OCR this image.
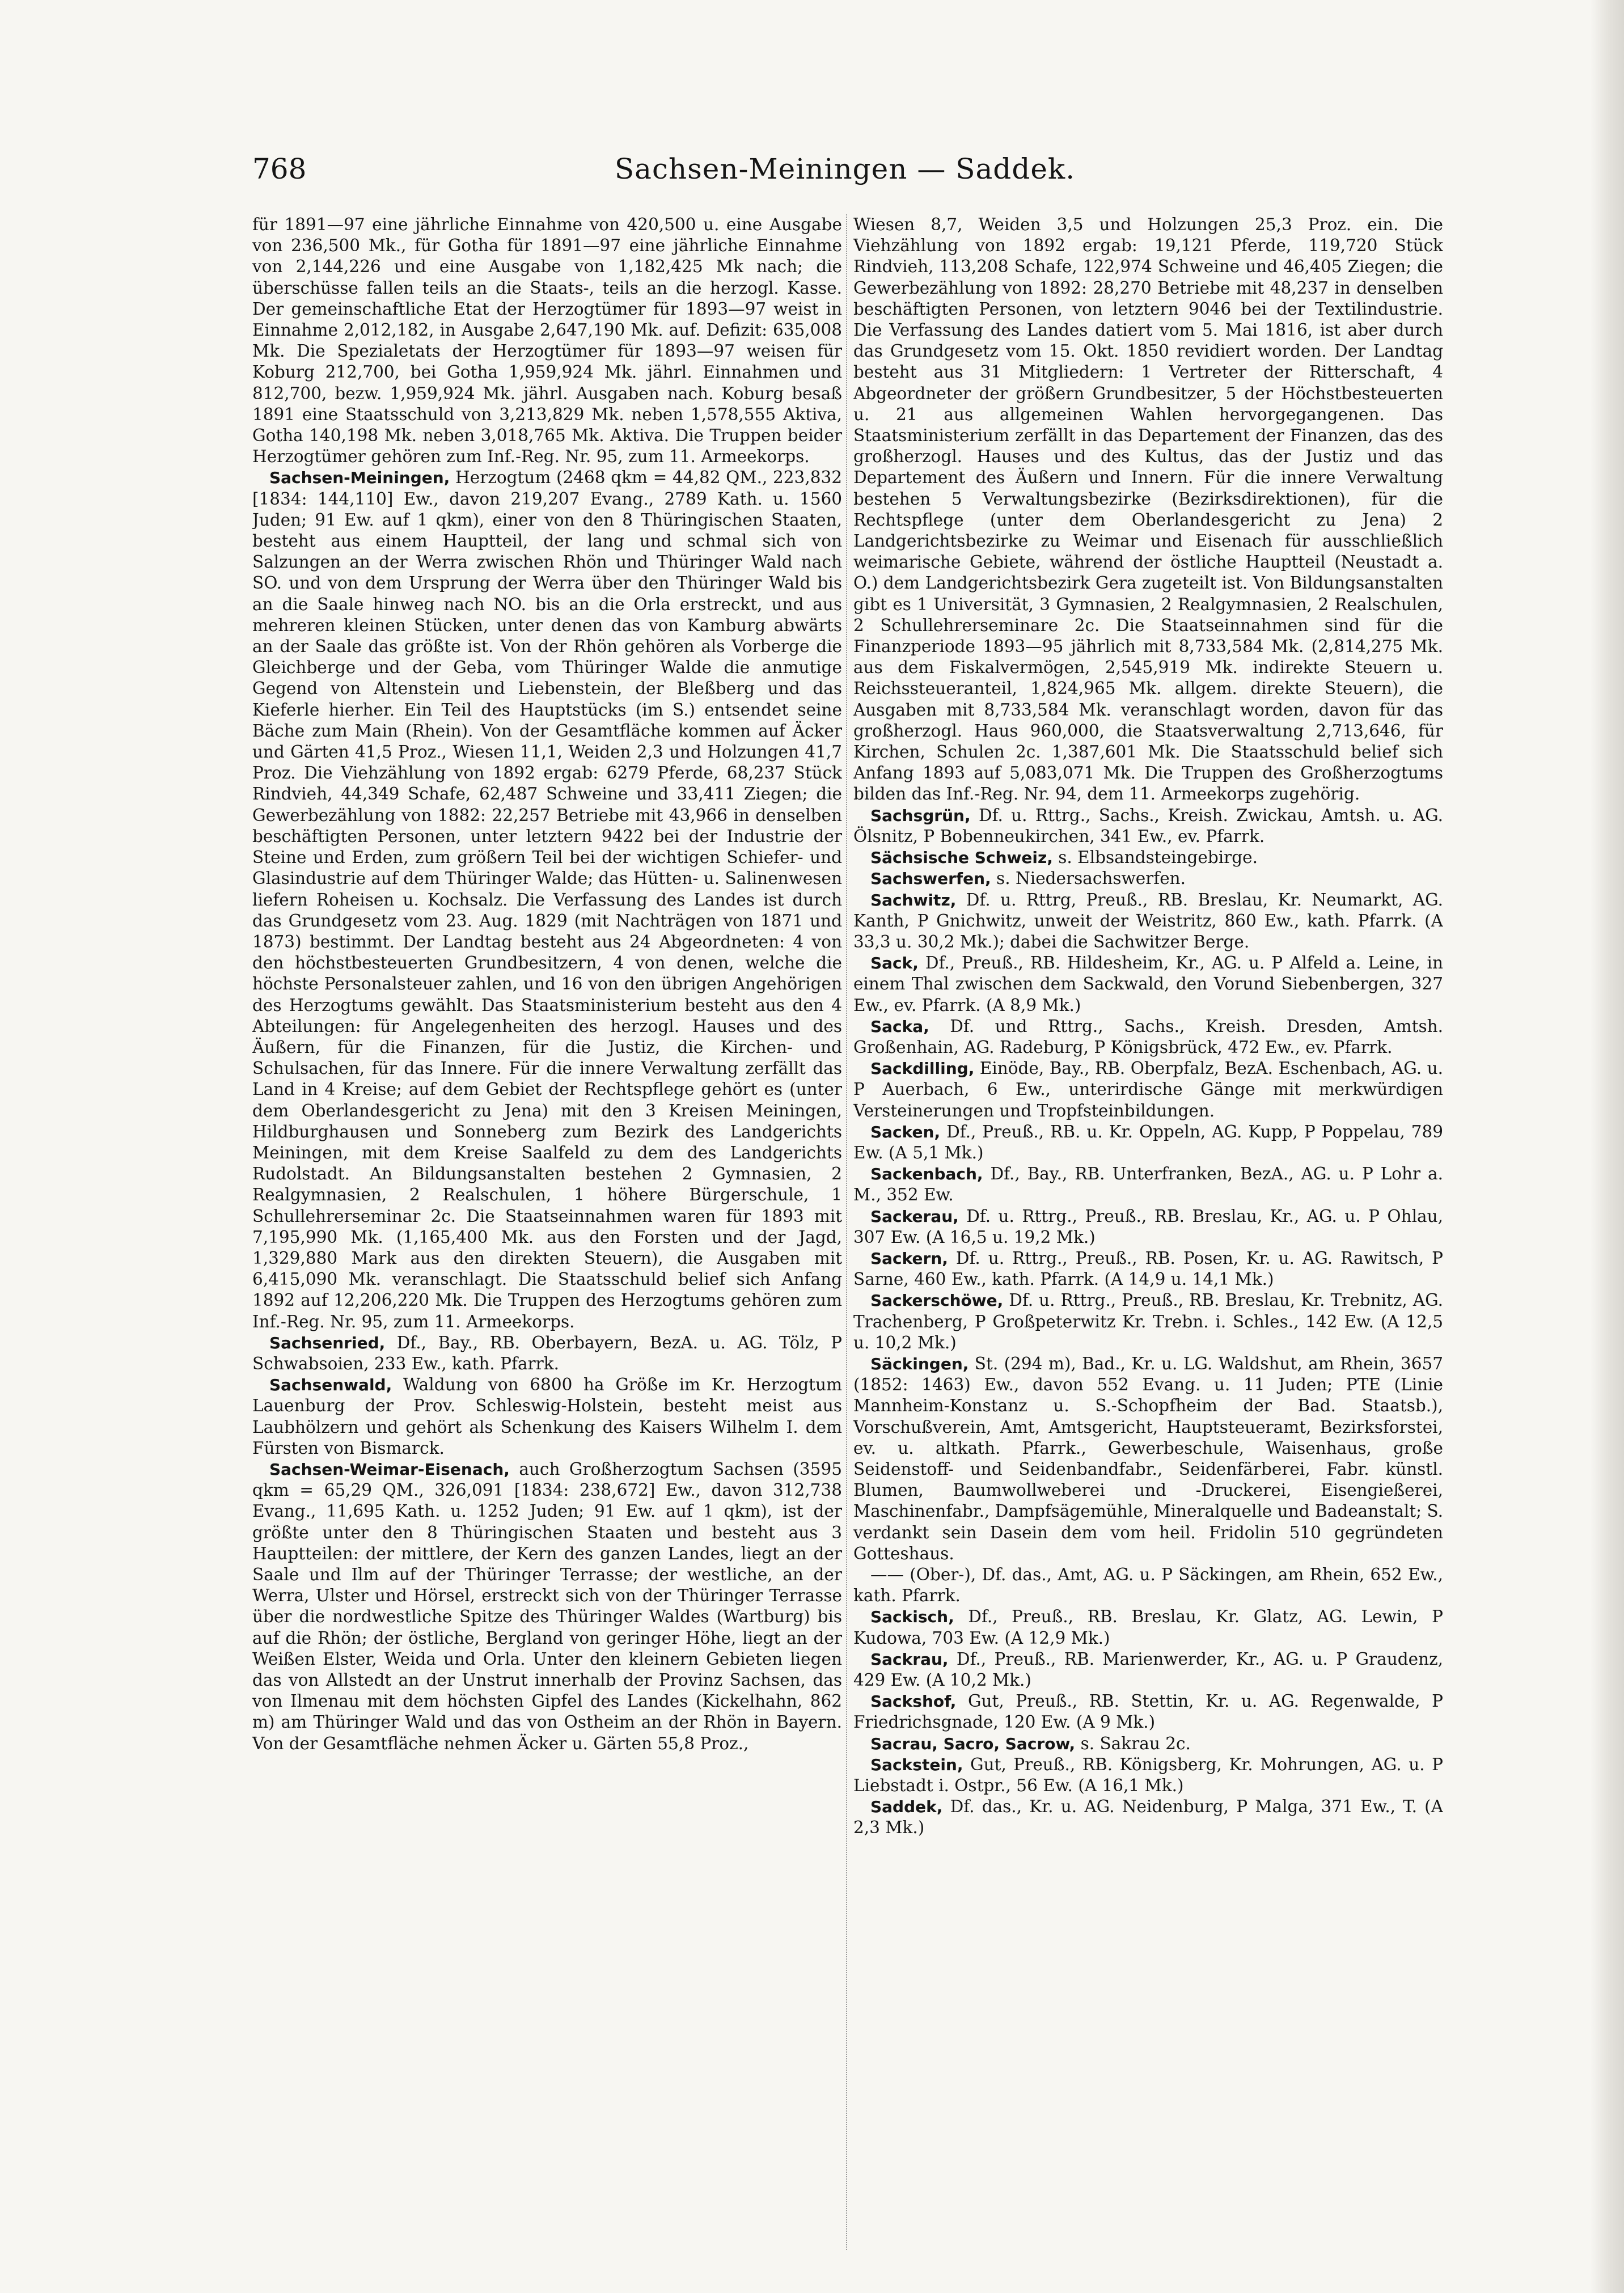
768	Sachsen-Meiningen — Saddek.

für 1891—97 eine jährliche Einnahme von 420,500 u. eine Ausgabe von 236,500 Mk., für Gotha für 1891—97 eine jährliche Einnahme von 2,144,226 und eine Ausgabe von 1,182,425 Mk nach; die überschüsse fallen teils an die Staats-, teils an die herzogl. Kasse. Der gemeinschaftliche Etat der Herzogtümer für 1893—97 weist in Einnahme 2,012,182, in Ausgabe 2,647,190 Mk. auf. Defizit: 635,008 Mk. Die Spezialetats der Herzogtümer für 1893—97 weisen für Koburg 212,700, bei Gotha 1,959,924 Mk. jährl. Einnahmen und 812,700, bezw. 1,959,924 Mk. jährl. Ausgaben nach. Koburg besaß 1891 eine Staatsschuld von 3,213,829 Mk. neben 1,578,555 Aktiva, Gotha 140,198 Mk. neben 3,018,765 Mk. Aktiva. Die Truppen beider Herzogtümer gehören zum Inf.-Reg. Nr. 95, zum 11. Armeekorps.

Sachsen-Meiningen, Herzogtum (2468 qkm = 44,82 QM., 223,832 [1834: 144,110] Ew., davon 219,207 Evang., 2789 Kath. u. 1560 Juden; 91 Ew. auf 1 qkm), einer von den 8 Thüringischen Staaten, besteht aus einem Hauptteil, der lang und schmal sich von Salzungen an der Werra zwischen Rhön und Thüringer Wald nach SO. und von dem Ursprung der Werra über den Thüringer Wald bis an die Saale hinweg nach NO. bis an die Orla erstreckt, und aus mehreren kleinen Stücken, unter denen das von Kamburg abwärts an der Saale das größte ist. Von der Rhön gehören als Vorberge die Gleichberge und der Geba, vom Thüringer Walde die anmutige Gegend von Altenstein und Liebenstein, der Bleßberg und das Kieferle hierher. Ein Teil des Hauptstücks (im S.) entsendet seine Bäche zum Main (Rhein). Von der Gesamtfläche kommen auf Äcker und Gärten 41,5 Proz., Wiesen 11,1, Weiden 2,3 und Holzungen 41,7 Proz. Die Viehzählung von 1892 ergab: 6279 Pferde, 68,237 Stück Rindvieh, 44,349 Schafe, 62,487 Schweine und 33,411 Ziegen; die Gewerbezählung von 1882: 22,257 Betriebe mit 43,966 in denselben beschäftigten Personen, unter letztern 9422 bei der Industrie der Steine und Erden, zum größern Teil bei der wichtigen Schiefer- und Glasindustrie auf dem Thüringer Walde; das Hütten- u. Salinenwesen liefern Roheisen u. Kochsalz. Die Verfassung des Landes ist durch das Grundgesetz vom 23. Aug. 1829 (mit Nachträgen von 1871 und 1873) bestimmt. Der Landtag besteht aus 24 Abgeordneten: 4 von den höchstbesteuerten Grundbesitzern, 4 von denen, welche die höchste Personalsteuer zahlen, und 16 von den übrigen Angehörigen des Herzogtums gewählt. Das Staatsministerium besteht aus den 4 Abteilungen: für Angelegenheiten des herzogl. Hauses und des Äußern, für die Finanzen, für die Justiz, die Kirchen- und Schulsachen, für das Innere. Für die innere Verwaltung zerfällt das Land in 4 Kreise; auf dem Gebiet der Rechtspflege gehört es (unter dem Oberlandesgericht zu Jena) mit den 3 Kreisen Meiningen, Hildburghausen und Sonneberg zum Bezirk des Landgerichts Meiningen, mit dem Kreise Saalfeld zu dem des Landgerichts Rudolstadt. An Bildungsanstalten bestehen 2 Gymnasien, 2 Realgymnasien, 2 Realschulen, 1 höhere Bürgerschule, 1 Schullehrerseminar 2c. Die Staatseinnahmen waren für 1893 mit 7,195,990 Mk. (1,165,400 Mk. aus den Forsten und der Jagd, 1,329,880 Mark aus den direkten Steuern), die Ausgaben mit 6,415,090 Mk. veranschlagt. Die Staatsschuld belief sich Anfang 1892 auf 12,206,220 Mk. Die Truppen des Herzogtums gehören zum Inf.-Reg. Nr. 95, zum 11. Armeekorps.

Sachsenried, Df., Bay., RB. Oberbayern, BezA. u. AG. Tölz, P Schwabsoien, 233 Ew., kath. Pfarrk.

Sachsenwald, Waldung von 6800 ha Größe im Kr. Herzogtum Lauenburg der Prov. Schleswig-Holstein, besteht meist aus Laubhölzern und gehört als Schenkung des Kaisers Wilhelm I. dem Fürsten von Bismarck.

Sachsen-Weimar-Eisenach, auch Großherzogtum Sachsen (3595 qkm = 65,29 QM., 326,091 [1834: 238,672] Ew., davon 312,738 Evang., 11,695 Kath. u. 1252 Juden; 91 Ew. auf 1 qkm), ist der größte unter den 8 Thüringischen Staaten und besteht aus 3 Hauptteilen: der mittlere, der Kern des ganzen Landes, liegt an der Saale und Ilm auf der Thüringer Terrasse; der westliche, an der Werra, Ulster und Hörsel, erstreckt sich von der Thüringer Terrasse über die nordwestliche Spitze des Thüringer Waldes (Wartburg) bis auf die Rhön; der östliche, Bergland von geringer Höhe, liegt an der Weißen Elster, Weida und Orla. Unter den kleinern Gebieten liegen das von Allstedt an der Unstrut innerhalb der Provinz Sachsen, das von Ilmenau mit dem höchsten Gipfel des Landes (Kickelhahn, 862 m) am Thüringer Wald und das von Ostheim an der Rhön in Bayern. Von der Gesamtfläche nehmen Äcker u. Gärten 55,8 Proz.,

Wiesen 8,7, Weiden 3,5 und Holzungen 25,3 Proz. ein. Die Viehzählung von 1892 ergab: 19,121 Pferde, 119,720 Stück Rindvieh, 113,208 Schafe, 122,974 Schweine und 46,405 Ziegen; die Gewerbezählung von 1892: 28,270 Betriebe mit 48,237 in denselben beschäftigten Personen, von letztern 9046 bei der Textilindustrie. Die Verfassung des Landes datiert vom 5. Mai 1816, ist aber durch das Grundgesetz vom 15. Okt. 1850 revidiert worden. Der Landtag besteht aus 31 Mitgliedern: 1 Vertreter der Ritterschaft, 4 Abgeordneter der größern Grundbesitzer, 5 der Höchstbesteuerten u. 21 aus allgemeinen Wahlen hervorgegangenen. Das Staatsministerium zerfällt in das Departement der Finanzen, das des großherzogl. Hauses und des Kultus, das der Justiz und das Departement des Äußern und Innern. Für die innere Verwaltung bestehen 5 Verwaltungsbezirke (Bezirksdirektionen), für die Rechtspflege (unter dem Oberlandesgericht zu Jena) 2 Landgerichtsbezirke zu Weimar und Eisenach für ausschließlich weimarische Gebiete, während der östliche Hauptteil (Neustadt a. O.) dem Landgerichtsbezirk Gera zugeteilt ist. Von Bildungsanstalten gibt es 1 Universität, 3 Gymnasien, 2 Realgymnasien, 2 Realschulen, 2 Schullehrerseminare 2c. Die Staatseinnahmen sind für die Finanzperiode 1893—95 jährlich mit 8,733,584 Mk. (2,814,275 Mk. aus dem Fiskalvermögen, 2,545,919 Mk. indirekte Steuern u. Reichssteueranteil, 1,824,965 Mk. allgem. direkte Steuern), die Ausgaben mit 8,733,584 Mk. veranschlagt worden, davon für das großherzogl. Haus 960,000, die Staatsverwaltung 2,713,646, für Kirchen, Schulen 2c. 1,387,601 Mk. Die Staatsschuld belief sich Anfang 1893 auf 5,083,071 Mk. Die Truppen des Großherzogtums bilden das Inf.-Reg. Nr. 94, dem 11. Armeekorps zugehörig.

Sachsgrün, Df. u. Rttrg., Sachs., Kreish. Zwickau, Amtsh. u. AG. Ölsnitz, P Bobenneukirchen, 341 Ew., ev. Pfarrk.

Sächsische Schweiz, s. Elbsandsteingebirge.

Sachswerfen, s. Niedersachswerfen.

Sachwitz, Df. u. Rttrg, Preuß., RB. Breslau, Kr. Neumarkt, AG. Kanth, P Gnichwitz, unweit der Weistritz, 860 Ew., kath. Pfarrk. (A 33,3 u. 30,2 Mk.); dabei die Sachwitzer Berge.

Sack, Df., Preuß., RB. Hildesheim, Kr., AG. u. P Alfeld a. Leine, in einem Thal zwischen dem Sackwald, den Vorund Siebenbergen, 327 Ew., ev. Pfarrk. (A 8,9 Mk.)

Sacka, Df. und Rttrg., Sachs., Kreish. Dresden, Amtsh. Großenhain, AG. Radeburg, P Königsbrück, 472 Ew., ev. Pfarrk.

Sackdilling, Einöde, Bay., RB. Oberpfalz, BezA. Eschenbach, AG. u. P Auerbach, 6 Ew., unterirdische Gänge mit merkwürdigen Versteinerungen und Tropfsteinbildungen.

Sacken, Df., Preuß., RB. u. Kr. Oppeln, AG. Kupp, P Poppelau, 789 Ew. (A 5,1 Mk.)

Sackenbach, Df., Bay., RB. Unterfranken, BezA., AG. u. P Lohr a. M., 352 Ew.

Sackerau, Df. u. Rttrg., Preuß., RB. Breslau, Kr., AG. u. P Ohlau, 307 Ew. (A 16,5 u. 19,2 Mk.)

Sackern, Df. u. Rttrg., Preuß., RB. Posen, Kr. u. AG. Rawitsch, P Sarne, 460 Ew., kath. Pfarrk. (A 14,9 u. 14,1 Mk.)

Sackerschöwe, Df. u. Rttrg., Preuß., RB. Breslau, Kr. Trebnitz, AG. Trachenberg, P Großpeterwitz Kr. Trebn. i. Schles., 142 Ew. (A 12,5 u. 10,2 Mk.)

Säckingen, St. (294 m), Bad., Kr. u. LG. Waldshut, am Rhein, 3657 (1852: 1463) Ew., davon 552 Evang. u. 11 Juden; PTE (Linie Mannheim-Konstanz u. S.-Schopfheim der Bad. Staatsb.), Vorschußverein, Amt, Amtsgericht, Hauptsteueramt, Bezirksforstei, ev. u. altkath. Pfarrk., Gewerbeschule, Waisenhaus, große Seidenstoff- und Seidenbandfabr., Seidenfärberei, Fabr. künstl. Blumen, Baumwollweberei und -Druckerei, Eisengießerei, Maschinenfabr., Dampfsägemühle, Mineralquelle und Badeanstalt; S. verdankt sein Dasein dem vom heil. Fridolin 510 gegründeten Gotteshaus.

—— (Ober-), Df. das., Amt, AG. u. P Säckingen, am Rhein, 652 Ew., kath. Pfarrk.

Sackisch, Df., Preuß., RB. Breslau, Kr. Glatz, AG. Lewin, P Kudowa, 703 Ew. (A 12,9 Mk.)

Sackrau, Df., Preuß., RB. Marienwerder, Kr., AG. u. P Graudenz, 429 Ew. (A 10,2 Mk.)

Sackshof, Gut, Preuß., RB. Stettin, Kr. u. AG. Regenwalde, P Friedrichsgnade, 120 Ew. (A 9 Mk.)

Sacrau, Sacro, Sacrow, s. Sakrau 2c.

Sackstein, Gut, Preuß., RB. Königsberg, Kr. Mohrungen, AG. u. P Liebstadt i. Ostpr., 56 Ew. (A 16,1 Mk.)

Saddek, Df. das., Kr. u. AG. Neidenburg, P Malga, 371 Ew., T. (A 2,3 Mk.)
